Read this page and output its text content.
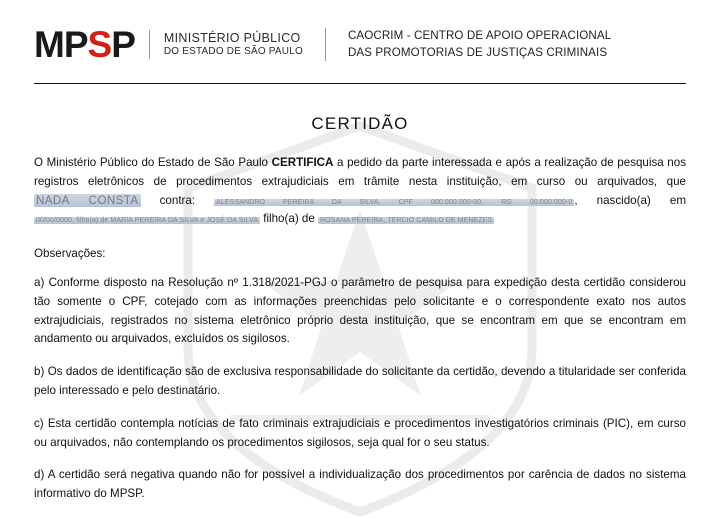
MP S P MINISTÉRIO PÚBLICO
DO ESTADO DE SÃO PAULO
CAOCRIM - CENTRO DE APOIO OPERACIONAL
DAS PROMOTORIAS DE JUSTIÇAS CRIMINAIS
CERTIDÃO
O Ministério Público do Estado de São Paulo CERTIFICA a pedido da parte interessada e após a realização de pesquisa nos registros eletrônicos de procedimentos extrajudiciais em trâmite nesta instituição, em curso ou arquivados, que NADA CONSTA contra: ALESSANDRO PEREIRA DA SILVA, CPF 000.000.000-00, RG 00.000.000-0 , nascido(a) em 00/00/0000, filho(a) de MARIA PEREIRA DA SILVA e JOSÉ DA SILVA filho(a) de ROSANA PEREIRA, TÉRCIO CAMILO DE MENEZES
Observações:
a) Conforme disposto na Resolução nº 1.318/2021-PGJ o parâmetro de pesquisa para expedição desta certidão considerou tão somente o CPF, cotejado com as informações preenchidas pelo solicitante e o correspondente exato nos autos extrajudiciais, registrados no sistema eletrônico próprio desta instituição, que se encontram em que se encontram em andamento ou arquivados, excluídos os sigilosos.
b) Os dados de identificação são de exclusiva responsabilidade do solicitante da certidão, devendo a titularidade ser conferida pelo interessado e pelo destinatário.
c) Esta certidão contempla notícias de fato criminais extrajudiciais e procedimentos investigatórios criminais (PIC), em curso ou arquivados, não contemplando os procedimentos sigilosos, seja qual for o seu status.
d) A certidão será negativa quando não for possível a individualização dos procedimentos por carência de dados no sistema informativo do MPSP.
